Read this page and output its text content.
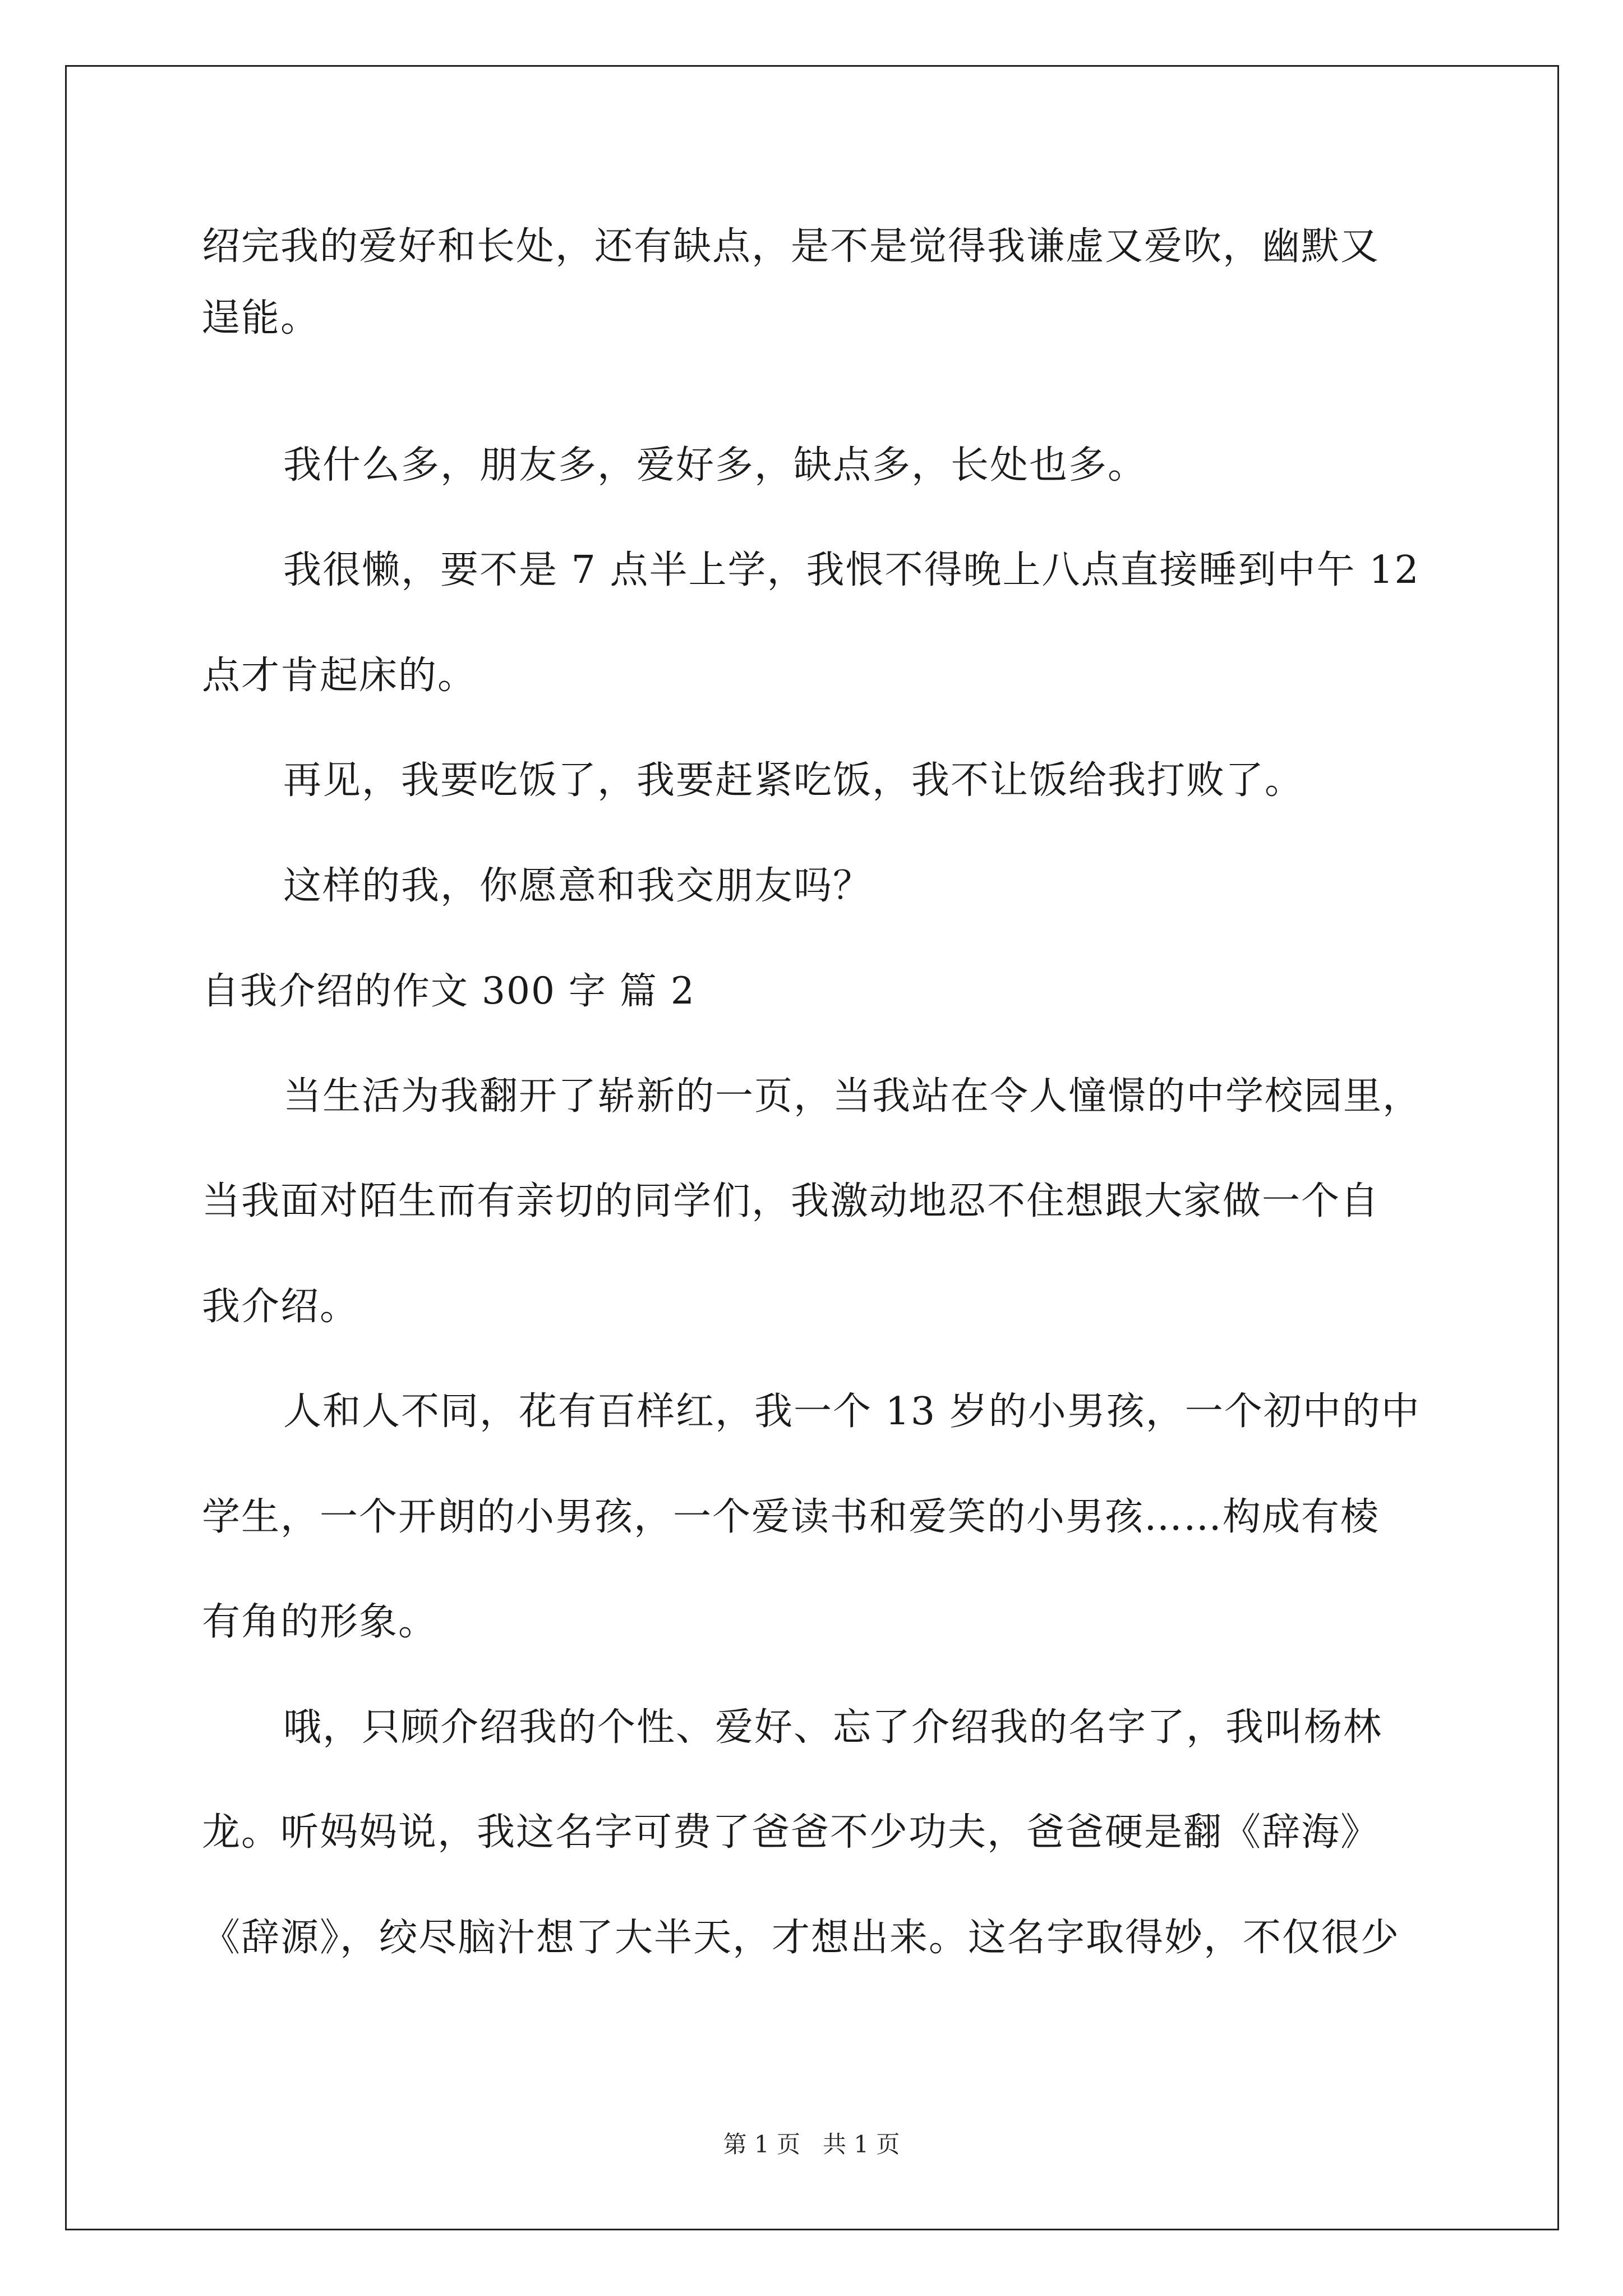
绍完我的爱好和长处，还有缺点，是不是觉得我谦虚又爱吹，幽默又
逞能。
我什么多，朋友多，爱好多，缺点多，长处也多。
我很懒，要不是 7 点半上学，我恨不得晚上八点直接睡到中午 12
点才肯起床的。
再见，我要吃饭了，我要赶紧吃饭，我不让饭给我打败了。
这样的我，你愿意和我交朋友吗？
自我介绍的作文 300 字 篇 2
当生活为我翻开了崭新的一页，当我站在令人憧憬的中学校园里，
当我面对陌生而有亲切的同学们，我激动地忍不住想跟大家做一个自
我介绍。
人和人不同，花有百样红，我一个 13 岁的小男孩，一个初中的中
学生，一个开朗的小男孩，一个爱读书和爱笑的小男孩……构成有棱
有角的形象。
哦，只顾介绍我的个性、爱好、忘了介绍我的名字了，我叫杨林
龙。听妈妈说，我这名字可费了爸爸不少功夫，爸爸硬是翻《辞海》
《辞源》，绞尽脑汁想了大半天，才想出来。这名字取得妙，不仅很少
第 1 页 共 1 页
